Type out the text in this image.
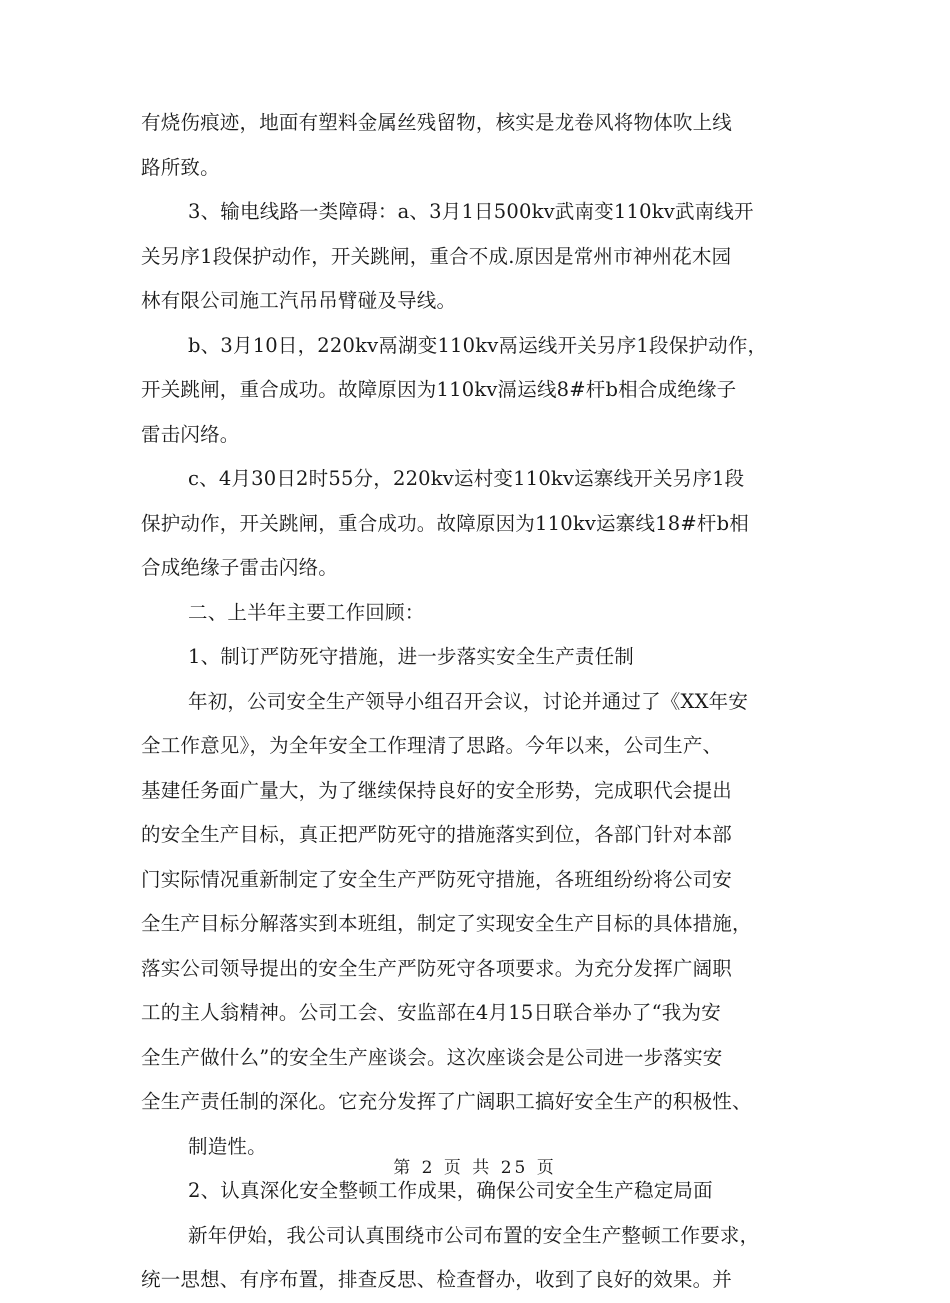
有烧伤痕迹，地面有塑料金属丝残留物，核实是龙卷风将物体吹上线
路所致。
3、输电线路一类障碍：a、3月1日500kv武南变110kv武南线开
关另序1段保护动作，开关跳闸，重合不成.原因是常州市神州花木园
林有限公司施工汽吊吊臂碰及导线。
b、3月10日，220kv鬲湖变110kv鬲运线开关另序1段保护动作，
开关跳闸，重合成功。故障原因为110kv滆运线8#杆b相合成绝缘子
雷击闪络。
c、4月30日2时55分，220kv运村变110kv运寨线开关另序1段
保护动作，开关跳闸，重合成功。故障原因为110kv运寨线18#杆b相
合成绝缘子雷击闪络。
二、上半年主要工作回顾：
1、制订严防死守措施，进一步落实安全生产责任制
年初，公司安全生产领导小组召开会议，讨论并通过了《XX年安
全工作意见》，为全年安全工作理清了思路。今年以来，公司生产、
基建任务面广量大，为了继续保持良好的安全形势，完成职代会提出
的安全生产目标，真正把严防死守的措施落实到位，各部门针对本部
门实际情况重新制定了安全生产严防死守措施，各班组纷纷将公司安
全生产目标分解落实到本班组，制定了实现安全生产目标的具体措施，
落实公司领导提出的安全生产严防死守各项要求。为充分发挥广阔职
工的主人翁精神。公司工会、安监部在4月15日联合举办了“我为安
全生产做什么”的安全生产座谈会。这次座谈会是公司进一步落实安
全生产责任制的深化。它充分发挥了广阔职工搞好安全生产的积极性、
制造性。
2、认真深化安全整顿工作成果，确保公司安全生产稳定局面
新年伊始，我公司认真围绕市公司布置的安全生产整顿工作要求，
统一思想、有序布置，排查反思、检查督办，收到了良好的效果。并
第 2 页 共 25 页
